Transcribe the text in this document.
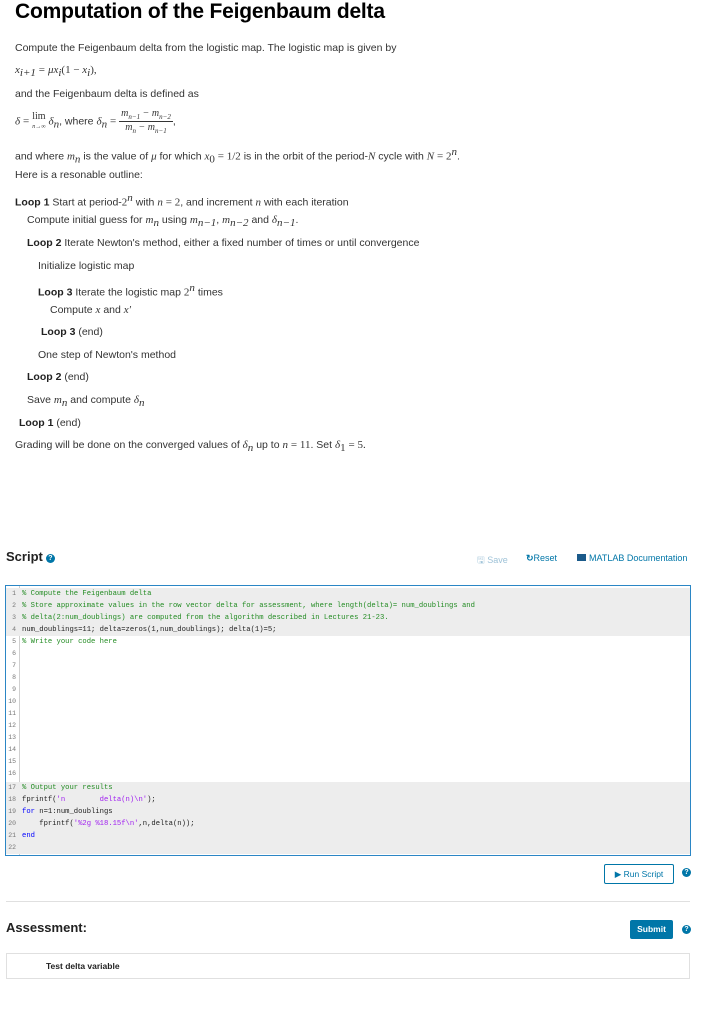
Computation of the Feigenbaum delta
Compute the Feigenbaum delta from the logistic map. The logistic map is given by
$x_{i+1} = \mu x_i(1 - x_i)$,
and the Feigenbaum delta is defined as
δ = lim
n→∞ $\delta_n$, where $\delta_n = \frac{m_{n-1} - m_{n-2}}{m_n - m_{n-1}}$ ,
and where $m_n$ is the value of μ for which $x_0 = 1/2$ is in the orbit of the period-N cycle with $N = 2^n$.
Here is a resonable outline:
Loop 1 Start at period-2$^n$ with n = 2, and increment n with each iteration
Compute initial guess for $m_n$ using $m_{n-1}$, $m_{n-2}$ and $\delta_{n-1}$.
Loop 2 Iterate Newton's method, either a fixed number of times or until convergence
Initialize logistic map
Loop 3 Iterate the logistic map 2$^n$ times
Compute x and x′
Loop 3 (end)
One step of Newton's method
Loop 2 (end)
Save $m_n$ and compute $\delta_n$
Loop 1 (end)
Grading will be done on the converged values of $\delta_n$ up to n = 11. Set $\delta_1 = 5$.
Script ?	🖫 Save ↻Reset	MATLAB Documentation
1 % Compute the Feigenbaum delta
2 % Store approximate values in the row vector delta for assessment, where length(delta)= num_doublings and
3 % delta(2:num_doublings) are computed from the algorithm described in Lectures 21-23.
4 num_doublings=11; delta=zeros(1,num_doublings); delta(1)=5;
5 % Write your code here
6
7
8
9
10
11
12
13
14
15
16
17 % Output your results
18 fprintf('n        delta(n)\n');
19 for n=1:num_doublings
20 fprintf('%2g %18.15f\n',n,delta(n));
21 end
22
▶ Run Script	?
Assessment:	Submit	?
Test delta variable
